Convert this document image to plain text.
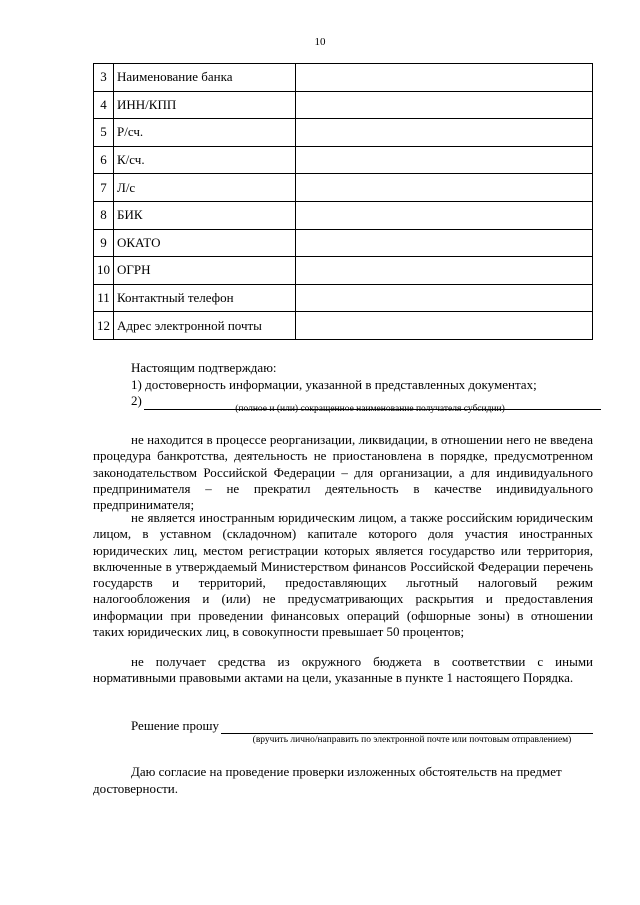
10
3	Наименование банка	
4	ИНН/КПП	
5	Р/сч.	
6	К/сч.	
7	Л/с	
8	БИК	
9	ОКАТО	
10	ОГРН	
11	Контактный телефон	
12	Адрес электронной почты	
Настоящим подтверждаю:
1) достоверность информации, указанной в представленных документах;
2)
(полное и (или) сокращенное наименование получателя субсидии)
не находится в процессе реорганизации, ликвидации, в отношении него не введена процедура банкротства, деятельность не приостановлена в порядке, предусмотренном законодательством Российской Федерации – для организации, а для индивидуального предпринимателя – не прекратил деятельность в качестве индивидуального предпринимателя;
не является иностранным юридическим лицом, а также российским юридическим лицом, в уставном (складочном) капитале которого доля участия иностранных юридических лиц, местом регистрации которых является государство или территория, включенные в утверждаемый Министерством финансов Российской Федерации перечень государств и территорий, предоставляющих льготный налоговый режим налогообложения и (или) не предусматривающих раскрытия и предоставления информации при проведении финансовых операций (офшорные зоны) в отношении таких юридических лиц, в совокупности превышает 50 процентов;
не получает средства из окружного бюджета в соответствии с иными нормативными правовыми актами на цели, указанные в пункте 1 настоящего Порядка.
Решение прошу
(вручить лично/направить по электронной почте или почтовым отправлением)
Даю согласие на проведение проверки изложенных обстоятельств на предмет достоверности.
